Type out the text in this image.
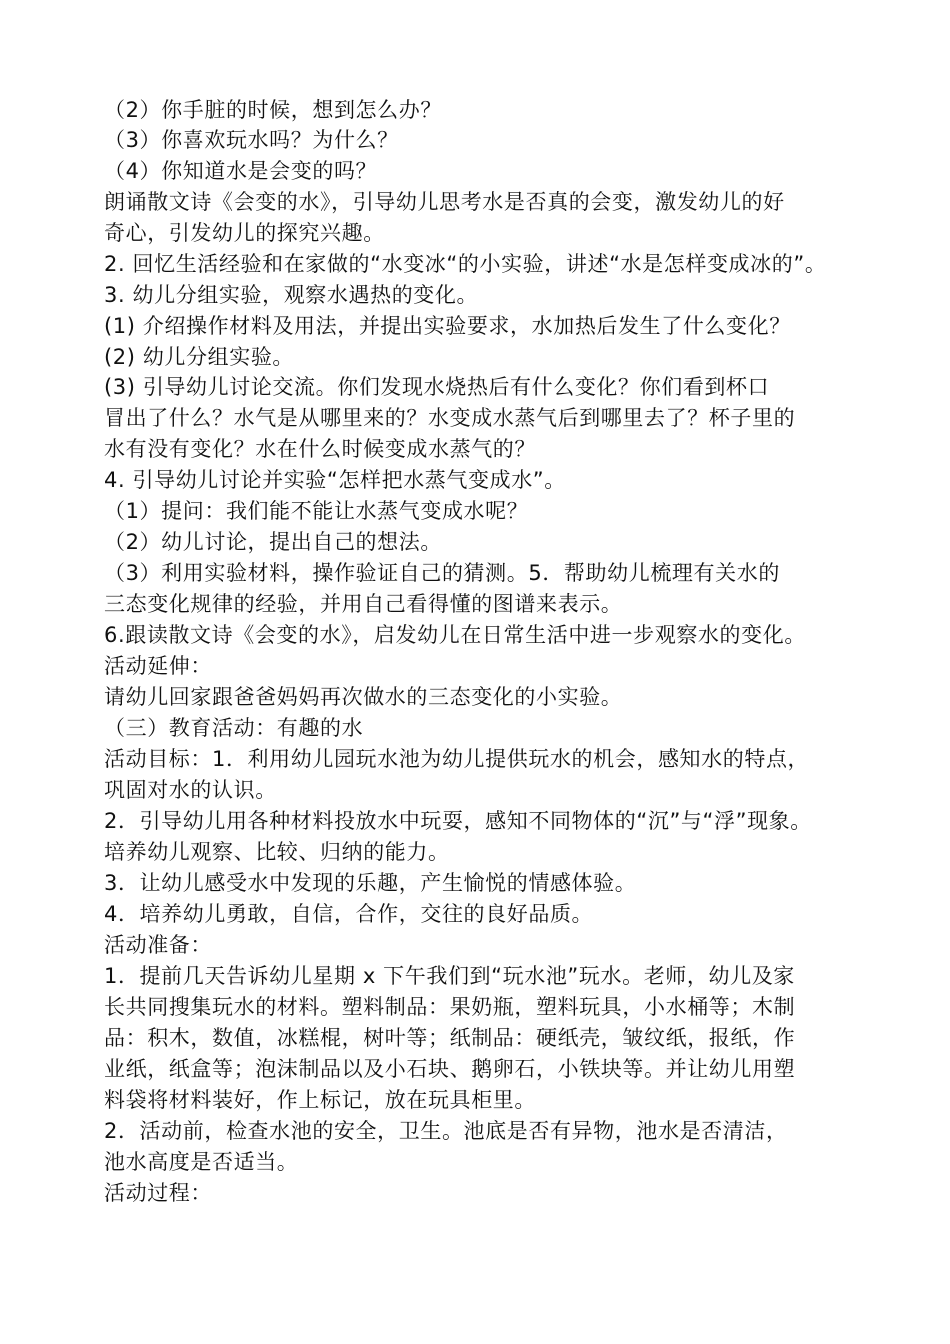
（2）你手脏的时候，想到怎么办？
（3）你喜欢玩水吗？为什么？
（4）你知道水是会变的吗？
朗诵散文诗《会变的水》，引导幼儿思考水是否真的会变，激发幼儿的好
奇心，引发幼儿的探究兴趣。
2. 回忆生活经验和在家做的“水变冰“的小实验，讲述“水是怎样变成冰的”。
3. 幼儿分组实验，观察水遇热的变化。
(1) 介绍操作材料及用法，并提出实验要求，水加热后发生了什么变化？
(2) 幼儿分组实验。
(3) 引导幼儿讨论交流。你们发现水烧热后有什么变化？你们看到杯口
冒出了什么？水气是从哪里来的？水变成水蒸气后到哪里去了？杯子里的
水有没有变化？水在什么时候变成水蒸气的？
4. 引导幼儿讨论并实验“怎样把水蒸气变成水”。
（1）提问：我们能不能让水蒸气变成水呢？
（2）幼儿讨论，提出自己的想法。
（3）利用实验材料，操作验证自己的猜测。5．帮助幼儿梳理有关水的
三态变化规律的经验，并用自己看得懂的图谱来表示。
6.跟读散文诗《会变的水》，启发幼儿在日常生活中进一步观察水的变化。
活动延伸：
请幼儿回家跟爸爸妈妈再次做水的三态变化的小实验。
（三）教育活动：有趣的水
活动目标：1．利用幼儿园玩水池为幼儿提供玩水的机会，感知水的特点，
巩固对水的认识。
2．引导幼儿用各种材料投放水中玩耍，感知不同物体的“沉”与“浮”现象。
培养幼儿观察、比较、归纳的能力。
3．让幼儿感受水中发现的乐趣，产生愉悦的情感体验。
4．培养幼儿勇敢，自信，合作，交往的良好品质。
活动准备：
1．提前几天告诉幼儿星期 x 下午我们到“玩水池”玩水。老师，幼儿及家
长共同搜集玩水的材料。塑料制品：果奶瓶，塑料玩具，小水桶等；木制
品：积木，数值，冰糕棍，树叶等；纸制品：硬纸壳，皱纹纸，报纸，作
业纸，纸盒等；泡沫制品以及小石块、鹅卵石，小铁块等。并让幼儿用塑
料袋将材料装好，作上标记，放在玩具柜里。
2．活动前，检查水池的安全，卫生。池底是否有异物，池水是否清洁，
池水高度是否适当。
活动过程：
